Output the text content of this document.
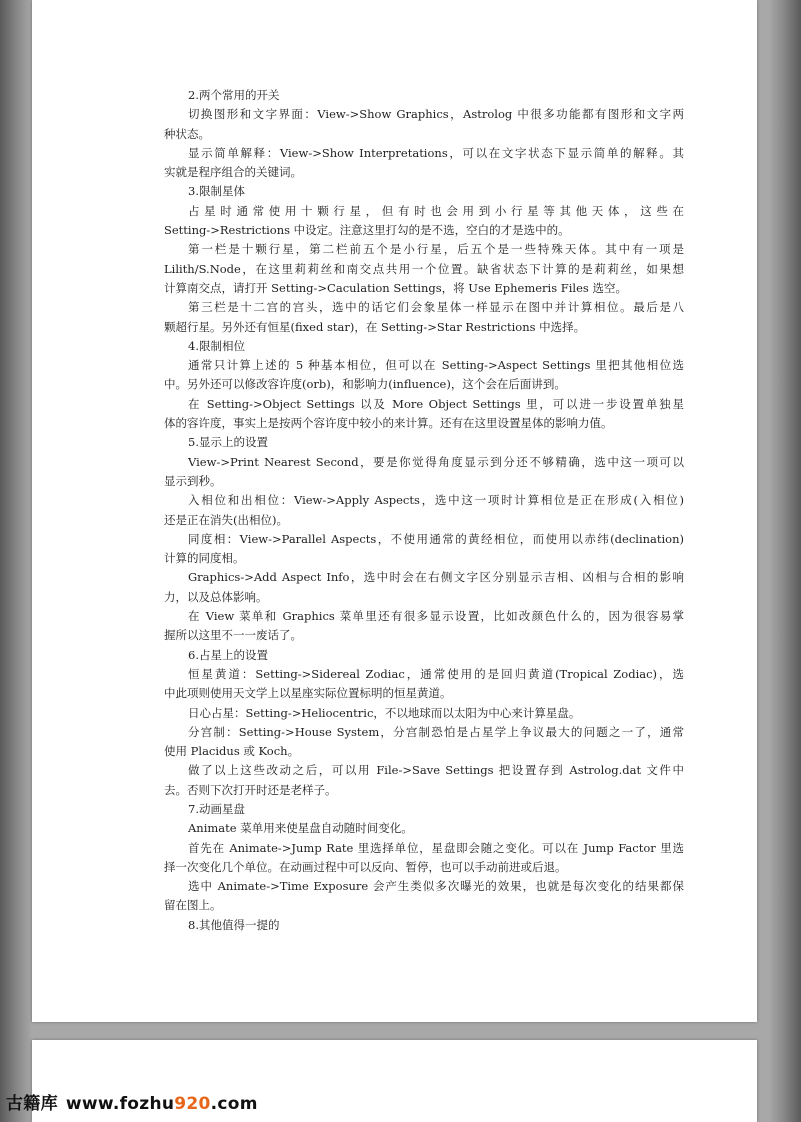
2.两个常用的开关
切换图形和文字界面：View->Show Graphics，Astrolog 中很多功能都有图形和文字两
种状态。
显示简单解释：View->Show Interpretations，可以在文字状态下显示简单的解释。其
实就是程序组合的关键词。
3.限制星体
占星时通常使用十颗行星，但有时也会用到小行星等其他天体，这些在
Setting->Restrictions 中设定。注意这里打勾的是不选，空白的才是选中的。
第一栏是十颗行星，第二栏前五个是小行星，后五个是一些特殊天体。其中有一项是
Lilith/S.Node，在这里莉莉丝和南交点共用一个位置。缺省状态下计算的是莉莉丝，如果想
计算南交点，请打开 Setting->Caculation Settings，将 Use Ephemeris Files 选空。
第三栏是十二宫的宫头，选中的话它们会象星体一样显示在图中并计算相位。最后是八
颗超行星。另外还有恒星(fixed star)，在 Setting->Star Restrictions 中选择。
4.限制相位
通常只计算上述的 5 种基本相位，但可以在 Setting->Aspect Settings 里把其他相位选
中。另外还可以修改容许度(orb)，和影响力(influence)，这个会在后面讲到。
在 Setting->Object Settings 以及 More Object Settings 里，可以进一步设置单独星
体的容许度，事实上是按两个容许度中较小的来计算。还有在这里设置星体的影响力值。
5.显示上的设置
View->Print Nearest Second，要是你觉得角度显示到分还不够精确，选中这一项可以
显示到秒。
入相位和出相位：View->Apply Aspects，选中这一项时计算相位是正在形成(入相位)
还是正在消失(出相位)。
同度相：View->Parallel Aspects，不使用通常的黄经相位，而使用以赤纬(declination)
计算的同度相。
Graphics->Add Aspect Info，选中时会在右侧文字区分别显示吉相、凶相与合相的影响
力，以及总体影响。
在 View 菜单和 Graphics 菜单里还有很多显示设置，比如改颜色什么的，因为很容易掌
握所以这里不一一废话了。
6.占星上的设置
恒星黄道：Setting->Sidereal Zodiac，通常使用的是回归黄道(Tropical Zodiac)，选
中此项则使用天文学上以星座实际位置标明的恒星黄道。
日心占星：Setting->Heliocentric，不以地球而以太阳为中心来计算星盘。
分宫制：Setting->House System，分宫制恐怕是占星学上争议最大的问题之一了，通常
使用 Placidus 或 Koch。
做了以上这些改动之后，可以用 File->Save Settings 把设置存到 Astrolog.dat 文件中
去。否则下次打开时还是老样子。
7.动画星盘
Animate 菜单用来使星盘自动随时间变化。
首先在 Animate->Jump Rate 里选择单位，星盘即会随之变化。可以在 Jump Factor 里选
择一次变化几个单位。在动画过程中可以反向、暂停，也可以手动前进或后退。
选中 Animate->Time Exposure 会产生类似多次曝光的效果，也就是每次变化的结果都保
留在图上。
8.其他值得一提的
古籍库 www.fozhu920.com
